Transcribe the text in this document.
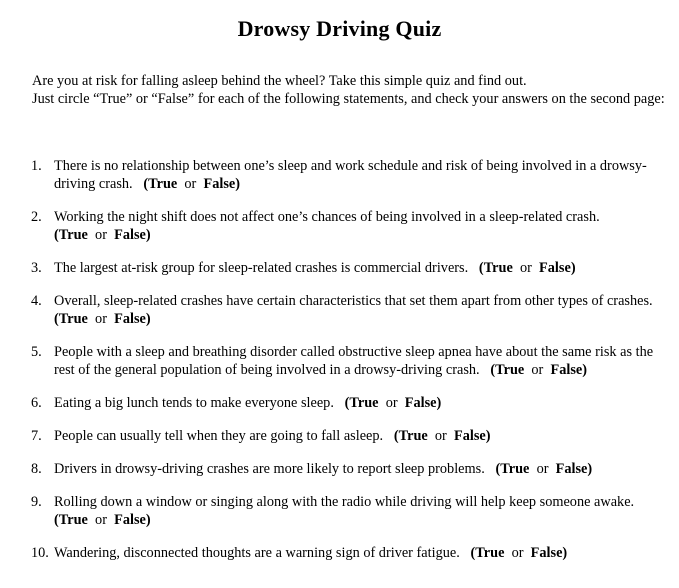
Drowsy Driving Quiz

Are you at risk for falling asleep behind the wheel? Take this simple quiz and find out.

Just circle “True” or “False” for each of the following statements, and check your answers on the second page:

1. There is no relationship between one’s sleep and work schedule and risk of being involved in a drowsy-driving crash. (True or False)
2. Working the night shift does not affect one’s chances of being involved in a sleep-related crash.   (True or False)
3. The largest at-risk group for sleep-related crashes is commercial drivers. (True or False)
4. Overall, sleep-related crashes have certain characteristics that set them apart from other types of crashes.   (True or False)
5. People with a sleep and breathing disorder called obstructive sleep apnea have about the same risk as the rest of the general population of being involved in a drowsy-driving crash. (True or False)
6. Eating a big lunch tends to make everyone sleep. (True or False)
7. People can usually tell when they are going to fall asleep. (True or False)
8. Drivers in drowsy-driving crashes are more likely to report sleep problems. (True or False)
9. Rolling down a window or singing along with the radio while driving will help keep someone awake.   (True or False)
10. Wandering, disconnected thoughts are a warning sign of driver fatigue. (True or False)
